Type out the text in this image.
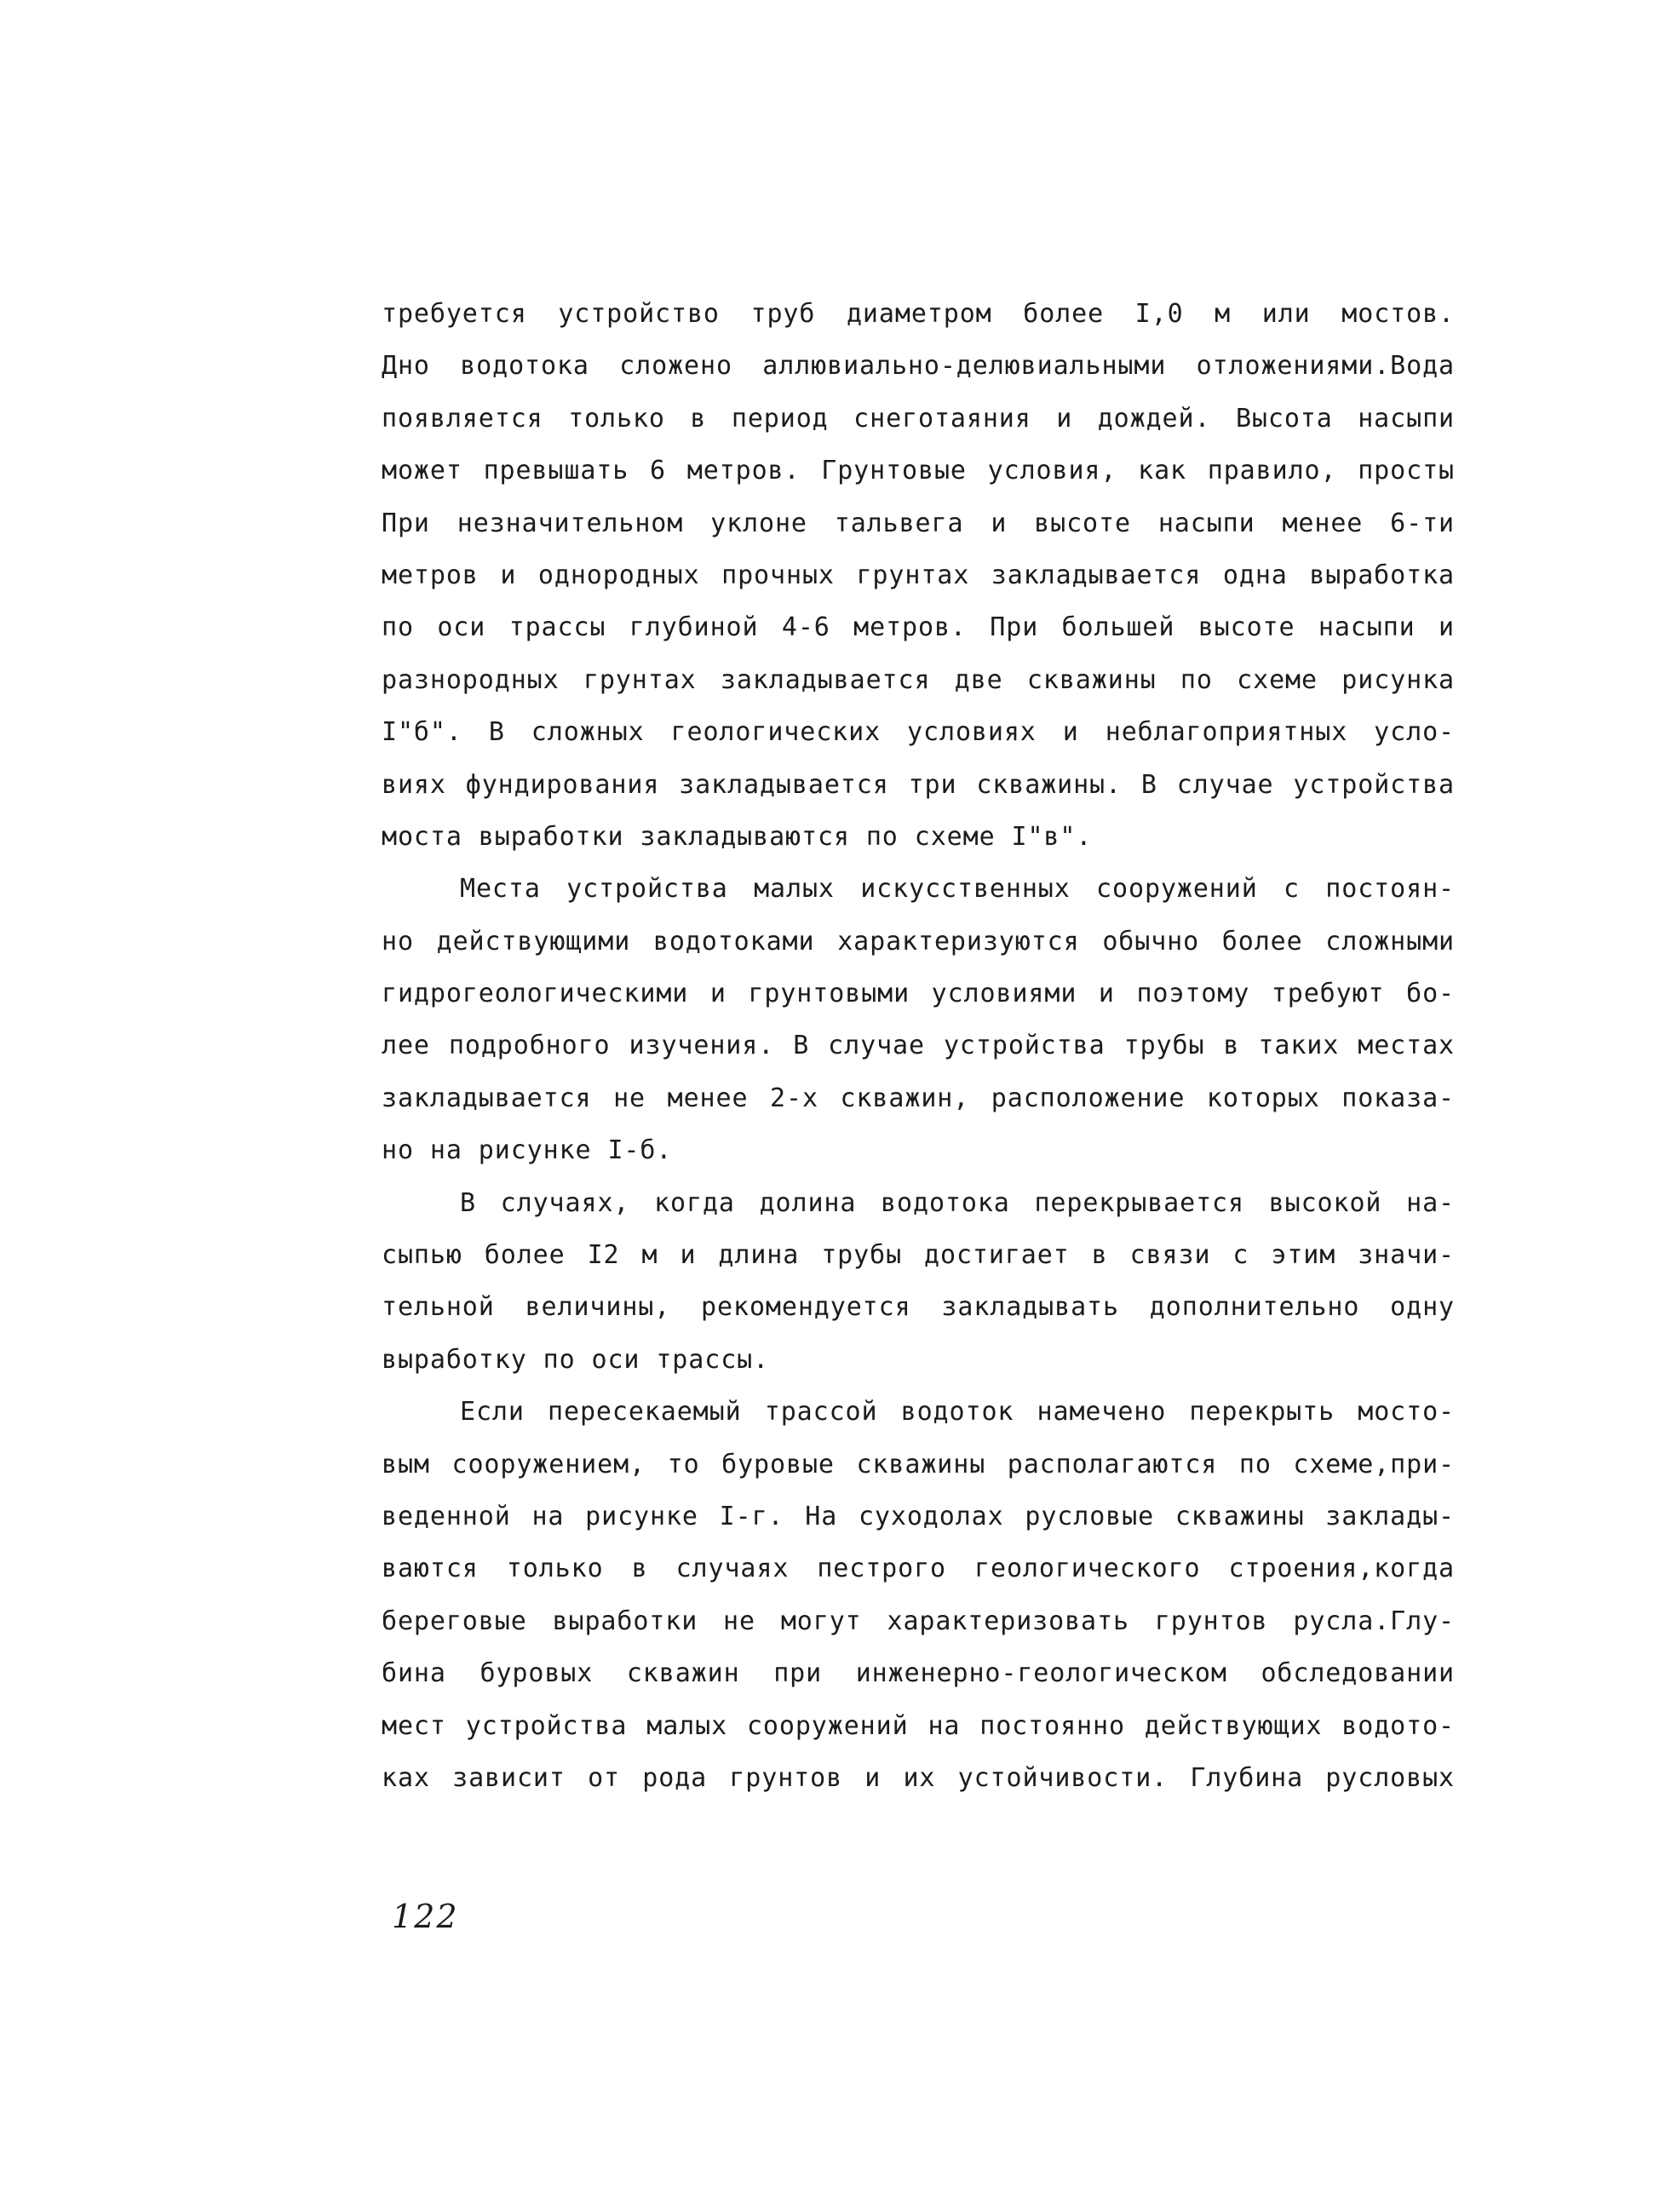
требуется устройство труб диаметром более I,0 м или мостов.
Дно водотока сложено аллювиально-делювиальными отложениями.Вода
появляется только в период снеготаяния и дождей. Высота насыпи
может превышать 6 метров. Грунтовые условия, как правило, просты
При незначительном уклоне тальвега и высоте насыпи менее 6-ти
метров и однородных прочных грунтах закладывается одна выработка
по оси трассы глубиной 4-6 метров. При большей высоте насыпи и
разнородных грунтах закладывается две скважины по схеме рисунка
I"б". В сложных геологических условиях и неблагоприятных усло-
виях фундирования закладывается три скважины. В случае устройства
моста выработки закладываются по схеме I"в".
Места устройства малых искусственных сооружений с постоян-
но действующими водотоками характеризуются обычно более сложными
гидрогеологическими и грунтовыми условиями и поэтому требуют бо-
лее подробного изучения. В случае устройства трубы в таких местах
закладывается не менее 2-х скважин, расположение которых показа-
но на рисунке I-б.
В случаях, когда долина водотока перекрывается высокой на-
сыпью более I2 м и длина трубы достигает в связи с этим значи-
тельной величины, рекомендуется закладывать дополнительно одну
выработку по оси трассы.
Если пересекаемый трассой водоток намечено перекрыть мосто-
вым сооружением, то буровые скважины располагаются по схеме,при-
веденной на рисунке I-г. На суходолах русловые скважины заклады-
ваются только в случаях пестрого геологического строения,когда
береговые выработки не могут характеризовать грунтов русла.Глу-
бина буровых скважин при инженерно-геологическом обследовании
мест устройства малых сооружений на постоянно действующих водото-
ках зависит от рода грунтов и их устойчивости. Глубина русловых
122
